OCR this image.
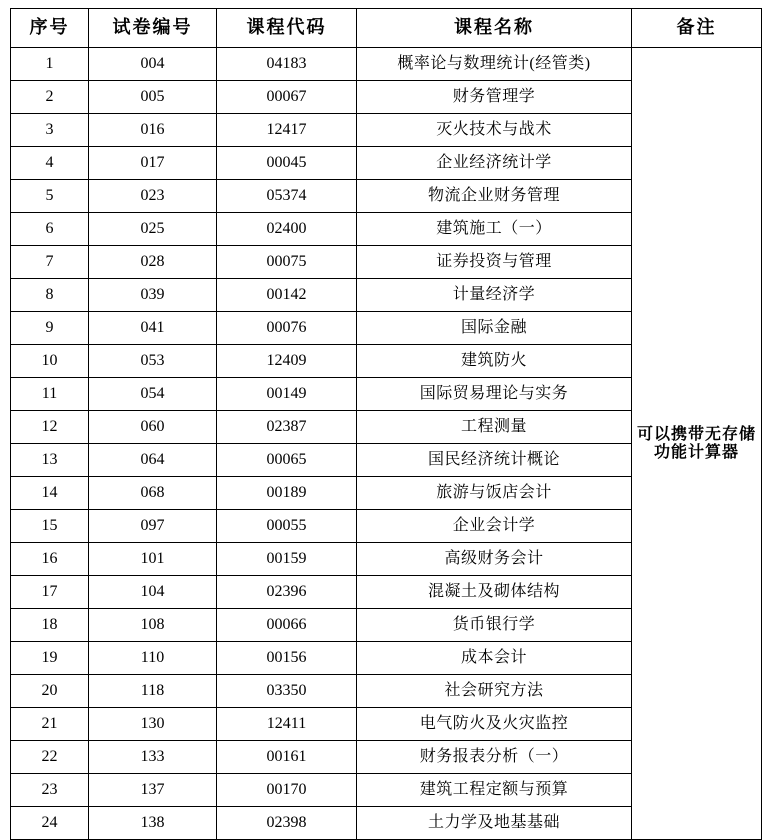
序号	试卷编号	课程代码	课程名称	备注
1	004	04183	概率论与数理统计(经管类)	可以携带无存储功能计算器
2	005	00067	财务管理学	
3	016	12417	灭火技术与战术	
4	017	00045	企业经济统计学	
5	023	05374	物流企业财务管理	
6	025	02400	建筑施工（一）	
7	028	00075	证券投资与管理	
8	039	00142	计量经济学	
9	041	00076	国际金融	
10	053	12409	建筑防火	
11	054	00149	国际贸易理论与实务	
12	060	02387	工程测量	
13	064	00065	国民经济统计概论	
14	068	00189	旅游与饭店会计	
15	097	00055	企业会计学	
16	101	00159	高级财务会计	
17	104	02396	混凝土及砌体结构	
18	108	00066	货币银行学	
19	110	00156	成本会计	
20	118	03350	社会研究方法	
21	130	12411	电气防火及火灾监控	
22	133	00161	财务报表分析（一）	
23	137	00170	建筑工程定额与预算	
24	138	02398	土力学及地基基础	
